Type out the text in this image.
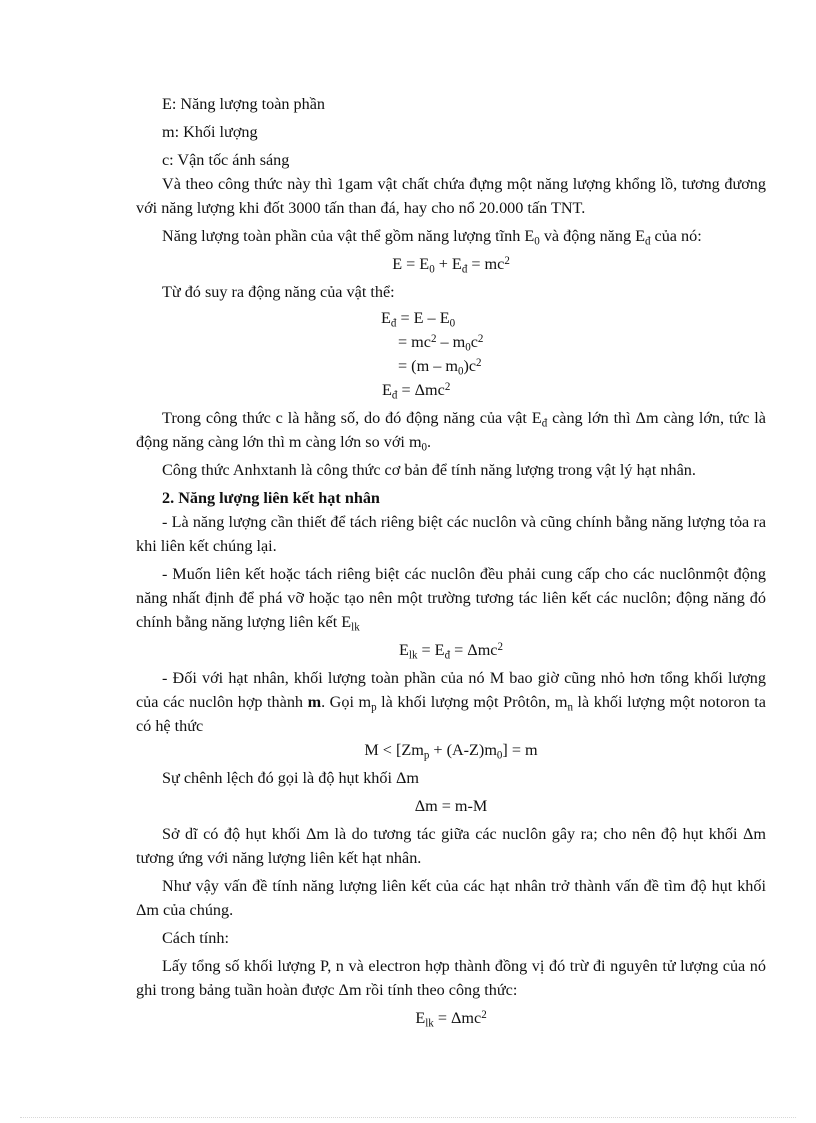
E: Năng lượng toàn phần

m: Khối lượng

c: Vận tốc ánh sáng

Và theo công thức này thì 1gam vật chất chứa đựng một năng lượng khổng lồ, tương đương với năng lượng khi đốt 3000 tấn than đá, hay cho nổ 20.000 tấn TNT.

Năng lượng toàn phần của vật thể gồm năng lượng tĩnh $E_0$ và động năng $E_đ$ của nó:

$E = E_0 + E_đ = mc^2$

Từ đó suy ra động năng của vật thể:

$E_đ = E - E_0$
= $mc^2 - m_0c^2$
= $(m - m_0)c^2$
$E_đ = \Delta mc^2$

Trong công thức c là hằng số, do đó động năng của vật $E_đ$ càng lớn thì Δm càng lớn, tức là động năng càng lớn thì m càng lớn so với $m_0$.

Công thức Anhxtanh là công thức cơ bản để tính năng lượng trong vật lý hạt nhân.

2. Năng lượng liên kết hạt nhân

- Là năng lượng cần thiết để tách riêng biệt các nuclôn và cũng chính bằng năng lượng tỏa ra khi liên kết chúng lại.

- Muốn liên kết hoặc tách riêng biệt các nuclôn đều phải cung cấp cho các nuclônmột động năng nhất định để phá vỡ hoặc tạo nên một trường tương tác liên kết các nuclôn; động năng đó chính bằng năng lượng liên kết $E_{lk}$

$E_{lk} = E_đ = \Delta mc^2$

- Đối với hạt nhân, khối lượng toàn phần của nó M bao giờ cũng nhỏ hơn tổng khối lượng của các nuclôn hợp thành m. Gọi $m_p$ là khối lượng một Prôtôn, $m_n$ là khối lượng một notoron ta có hệ thức

$M < [Zm_p + (A-Z)m_0] = m$

Sự chênh lệch đó gọi là độ hụt khối Δm

Δm = m-M

Sở dĩ có độ hụt khối Δm là do tương tác giữa các nuclôn gây ra; cho nên độ hụt khối Δm tương ứng với năng lượng liên kết hạt nhân.

Như vậy vấn đề tính năng lượng liên kết của các hạt nhân trở thành vấn đề tìm độ hụt khối Δm của chúng.

Cách tính:

Lấy tổng số khối lượng P, n và electron hợp thành đồng vị đó trừ đi nguyên tử lượng của nó ghi trong bảng tuần hoàn được Δm rồi tính theo công thức:

$E_{lk} = \Delta mc^2$
